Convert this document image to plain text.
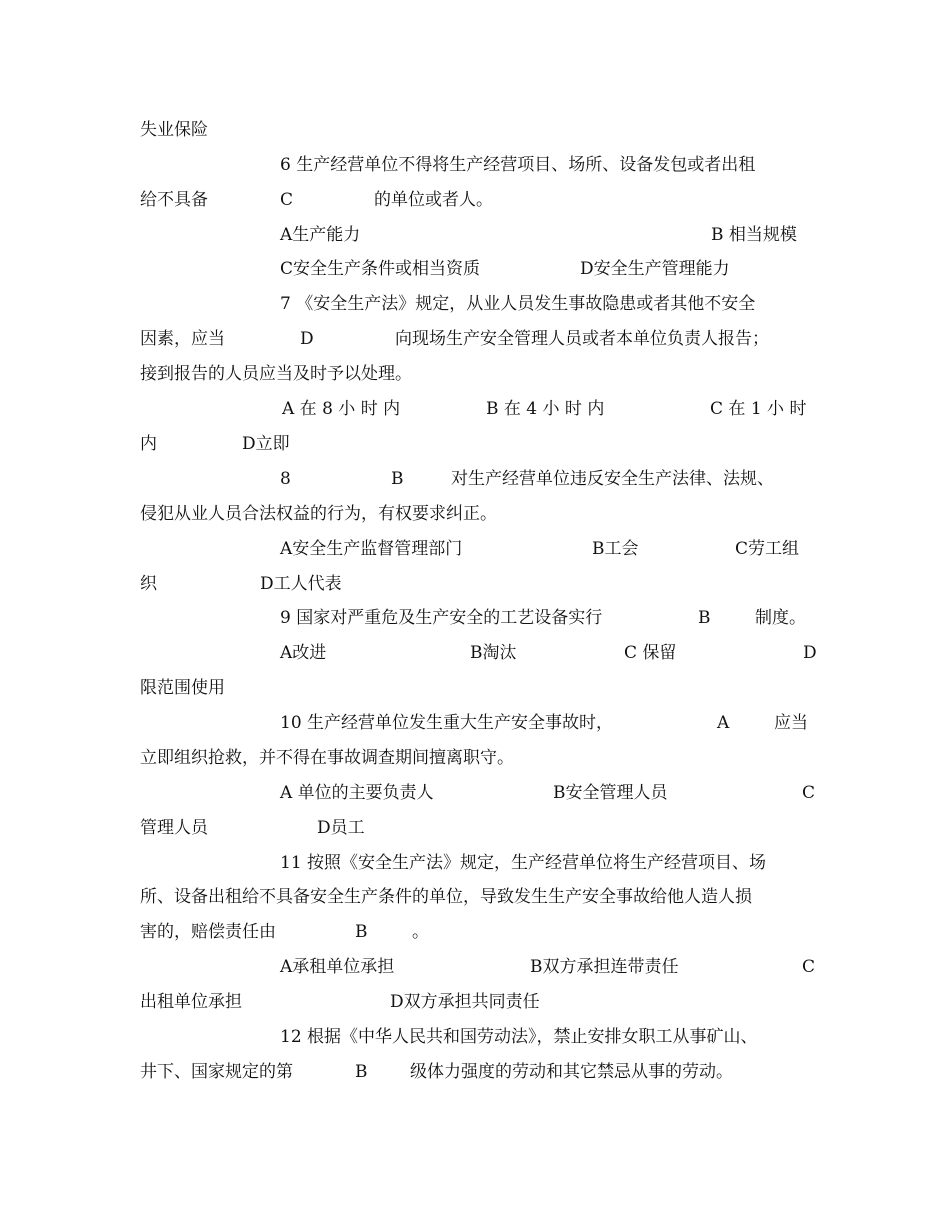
失业保险
6 生产经营单位不得将生产经营项目、场所、设备发包或者出租
给不具备	C	的单位或者人。
A生产能力	B 相当规模
C安全生产条件或相当资质	D安全生产管理能力
7 《安全生产法》规定，从业人员发生事故隐患或者其他不安全
因素，应当	D	向现场生产安全管理人员或者本单位负责人报告；
接到报告的人员应当及时予以处理。
A 在 8 小 时 内	B 在 4 小 时 内	C 在 1 小 时
内	D立即
8	B	对生产经营单位违反安全生产法律、法规、
侵犯从业人员合法权益的行为，有权要求纠正。
A安全生产监督管理部门	B工会	C劳工组
织	D工人代表
9 国家对严重危及生产安全的工艺设备实行	B	制度。
A改进	B淘汰	C 保留	D
限范围使用
10 生产经营单位发生重大生产安全事故时，	A	应当
立即组织抢救，并不得在事故调查期间擅离职守。
A 单位的主要负责人	B安全管理人员	C
管理人员	D员工
11 按照《安全生产法》规定，生产经营单位将生产经营项目、场
所、设备出租给不具备安全生产条件的单位，导致发生生产安全事故给他人造人损
害的，赔偿责任由	B	。
A承租单位承担	B双方承担连带责任	C
出租单位承担	D双方承担共同责任
12 根据《中华人民共和国劳动法》，禁止安排女职工从事矿山、
井下、国家规定的第	B	级体力强度的劳动和其它禁忌从事的劳动。
